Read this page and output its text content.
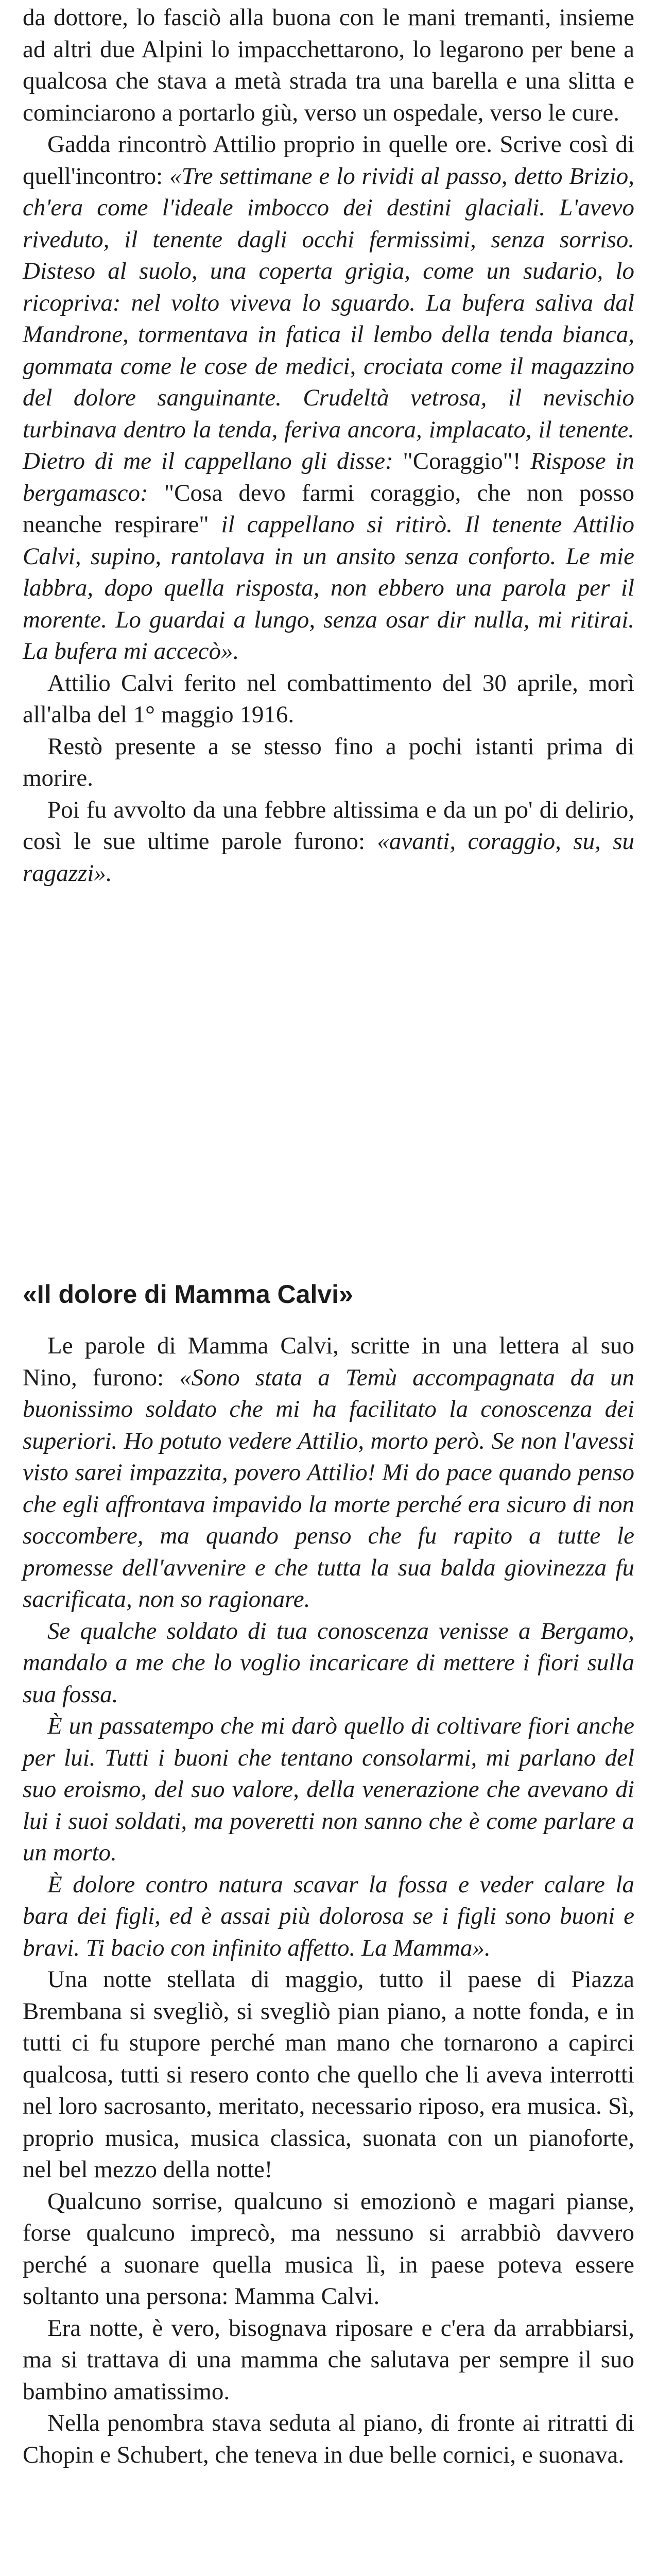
da dottore, lo fasciò alla buona con le mani tremanti, insieme ad altri due Alpini lo impacchettarono, lo legarono per bene a qualcosa che stava a metà strada tra una barella e una slitta e cominciarono a portarlo giù, verso un ospedale, verso le cure.

Gadda rincontrò Attilio proprio in quelle ore. Scrive così di quell'incontro: «Tre settimane e lo rividi al passo, detto Brizio, ch'era come l'ideale imbocco dei destini glaciali. L'avevo riveduto, il tenente dagli occhi fermissimi, senza sorriso. Disteso al suolo, una coperta grigia, come un sudario, lo ricopriva: nel volto viveva lo sguardo. La bufera saliva dal Mandrone, tormentava in fatica il lembo della tenda bianca, gommata come le cose de medici, crociata come il magazzino del dolore sanguinante. Crudeltà vetrosa, il nevischio turbinava dentro la tenda, feriva ancora, implacato, il tenente. Dietro di me il cappellano gli disse: "Coraggio"! Rispose in bergamasco: "Cosa devo farmi coraggio, che non posso neanche respirare" il cappellano si ritirò. Il tenente Attilio Calvi, supino, rantolava in un ansito senza conforto. Le mie labbra, dopo quella risposta, non ebbero una parola per il morente. Lo guardai a lungo, senza osar dir nulla, mi ritirai. La bufera mi accecò».

Attilio Calvi ferito nel combattimento del 30 aprile, morì all'alba del 1° maggio 1916.

Restò presente a se stesso fino a pochi istanti prima di morire.

Poi fu avvolto da una febbre altissima e da un po' di delirio, così le sue ultime parole furono: «avanti, coraggio, su, su ragazzi».

«Il dolore di Mamma Calvi»

Le parole di Mamma Calvi, scritte in una lettera al suo Nino, furono: «Sono stata a Temù accompagnata da un buonissimo soldato che mi ha facilitato la conoscenza dei superiori. Ho potuto vedere Attilio, morto però. Se non l'avessi visto sarei impazzita, povero Attilio! Mi do pace quando penso che egli affrontava impavido la morte perché era sicuro di non soccombere, ma quando penso che fu rapito a tutte le promesse dell'avvenire e che tutta la sua balda giovinezza fu sacrificata, non so ragionare.

Se qualche soldato di tua conoscenza venisse a Bergamo, mandalo a me che lo voglio incaricare di mettere i fiori sulla sua fossa.

È un passatempo che mi darò quello di coltivare fiori anche per lui. Tutti i buoni che tentano consolarmi, mi parlano del suo eroismo, del suo valore, della venerazione che avevano di lui i suoi soldati, ma poveretti non sanno che è come parlare a un morto.

È dolore contro natura scavar la fossa e veder calare la bara dei figli, ed è assai più dolorosa se i figli sono buoni e bravi. Ti bacio con infinito affetto. La Mamma».

Una notte stellata di maggio, tutto il paese di Piazza Brembana si svegliò, si svegliò pian piano, a notte fonda, e in tutti ci fu stupore perché man mano che tornarono a capirci qualcosa, tutti si resero conto che quello che li aveva interrotti nel loro sacrosanto, meritato, necessario riposo, era musica. Sì, proprio musica, musica classica, suonata con un pianoforte, nel bel mezzo della notte!

Qualcuno sorrise, qualcuno si emozionò e magari pianse, forse qualcuno imprecò, ma nessuno si arrabbiò davvero perché a suonare quella musica lì, in paese poteva essere soltanto una persona: Mamma Calvi.

Era notte, è vero, bisognava riposare e c'era da arrabbiarsi, ma si trattava di una mamma che salutava per sempre il suo bambino amatissimo.

Nella penombra stava seduta al piano, di fronte ai ritratti di Chopin e Schubert, che teneva in due belle cornici, e suonava.
